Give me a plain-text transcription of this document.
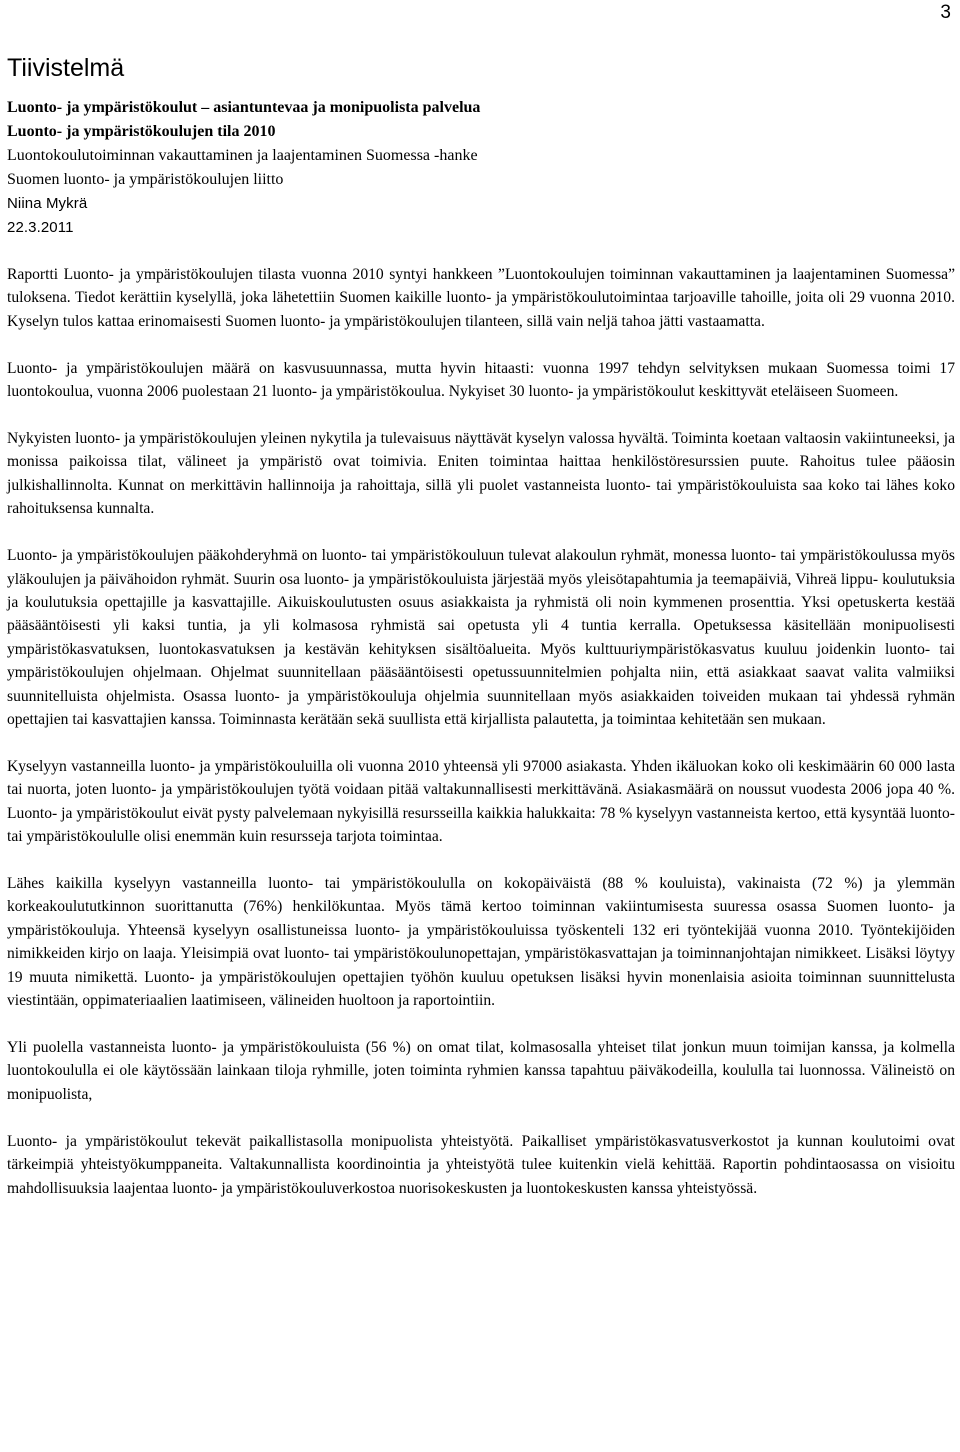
3
Tiivistelmä
Luonto- ja ympäristökoulut – asiantuntevaa ja monipuolista palvelua
Luonto- ja ympäristökoulujen tila 2010
Luontokoulutoiminnan vakauttaminen ja laajentaminen Suomessa -hanke
Suomen luonto- ja ympäristökoulujen liitto
Niina Mykrä
22.3.2011

Raportti Luonto- ja ympäristökoulujen tilasta vuonna 2010 syntyi hankkeen ”Luontokoulujen toiminnan vakauttaminen ja laajentaminen Suomessa” tuloksena. Tiedot kerättiin kyselyllä, joka lähetettiin Suomen kaikille luonto- ja ympäristökoulutoimintaa tarjoaville tahoille, joita oli 29 vuonna 2010. Kyselyn tulos kattaa erinomaisesti Suomen luonto- ja ympäristökoulujen tilanteen, sillä vain neljä tahoa jätti vastaamatta.

Luonto- ja ympäristökoulujen määrä on kasvusuunnassa, mutta hyvin hitaasti: vuonna 1997 tehdyn selvityksen mukaan Suomessa toimi 17 luontokoulua, vuonna 2006 puolestaan 21 luonto- ja ympäristökoulua. Nykyiset 30 luonto- ja ympäristökoulut keskittyvät eteläiseen Suomeen.

Nykyisten luonto- ja ympäristökoulujen yleinen nykytila ja tulevaisuus näyttävät kyselyn valossa hyvältä. Toiminta koetaan valtaosin vakiintuneeksi, ja monissa paikoissa tilat, välineet ja ympäristö ovat toimivia. Eniten toimintaa haittaa henkilöstöresurssien puute. Rahoitus tulee pääosin julkishallinnolta. Kunnat on merkittävin hallinnoija ja rahoittaja, sillä yli puolet vastanneista luonto- tai ympäristökouluista saa koko tai lähes koko rahoituksensa kunnalta.

Luonto- ja ympäristökoulujen pääkohderyhmä on luonto- tai ympäristökouluun tulevat alakoulun ryhmät, monessa luonto- tai ympäristökoulussa myös yläkoulujen ja päivähoidon ryhmät. Suurin osa luonto- ja ympäristökouluista järjestää myös yleisötapahtumia ja teemapäiviä, Vihreä lippu- koulutuksia ja koulutuksia opettajille ja kasvattajille. Aikuiskoulutusten osuus asiakkaista ja ryhmistä oli noin kymmenen prosenttia. Yksi opetuskerta kestää pääsääntöisesti yli kaksi tuntia, ja yli kolmasosa ryhmistä sai opetusta yli 4 tuntia kerralla. Opetuksessa käsitellään monipuolisesti ympäristökasvatuksen, luontokasvatuksen ja kestävän kehityksen sisältöalueita. Myös kulttuuriympäristökasvatus kuuluu joidenkin luonto- tai ympäristökoulujen ohjelmaan. Ohjelmat suunnitellaan pääsääntöisesti opetussuunnitelmien pohjalta niin, että asiakkaat saavat valita valmiiksi suunnitelluista ohjelmista. Osassa luonto- ja ympäristökouluja ohjelmia suunnitellaan myös asiakkaiden toiveiden mukaan tai yhdessä ryhmän opettajien tai kasvattajien kanssa. Toiminnasta kerätään sekä suullista että kirjallista palautetta, ja toimintaa kehitetään sen mukaan.

Kyselyyn vastanneilla luonto- ja ympäristökouluilla oli vuonna 2010 yhteensä yli 97000 asiakasta. Yhden ikäluokan koko oli keskimäärin 60 000 lasta tai nuorta, joten luonto- ja ympäristökoulujen työtä voidaan pitää valtakunnallisesti merkittävänä. Asiakasmäärä on noussut vuodesta 2006 jopa 40 %. Luonto- ja ympäristökoulut eivät pysty palvelemaan nykyisillä resursseilla kaikkia halukkaita: 78 % kyselyyn vastanneista kertoo, että kysyntää luonto- tai ympäristökoululle olisi enemmän kuin resursseja tarjota toimintaa.

Lähes kaikilla kyselyyn vastanneilla luonto- tai ympäristökoululla on kokopäiväistä (88 % kouluista), vakinaista (72 %) ja ylemmän korkeakoulututkinnon suorittanutta (76%) henkilökuntaa. Myös tämä kertoo toiminnan vakiintumisesta suuressa osassa Suomen luonto- ja ympäristökouluja. Yhteensä kyselyyn osallistuneissa luonto- ja ympäristökouluissa työskenteli 132 eri työntekijää vuonna 2010. Työntekijöiden nimikkeiden kirjo on laaja. Yleisimpiä ovat luonto- tai ympäristökoulunopettajan, ympäristökasvattajan ja toiminnanjohtajan nimikkeet. Lisäksi löytyy 19 muuta nimikettä. Luonto- ja ympäristökoulujen opettajien työhön kuuluu opetuksen lisäksi hyvin monenlaisia asioita toiminnan suunnittelusta viestintään, oppimateriaalien laatimiseen, välineiden huoltoon ja raportointiin.

Yli puolella vastanneista luonto- ja ympäristökouluista (56 %) on omat tilat, kolmasosalla yhteiset tilat jonkun muun toimijan kanssa, ja kolmella luontokoululla ei ole käytössään lainkaan tiloja ryhmille, joten toiminta ryhmien kanssa tapahtuu päiväkodeilla, koululla tai luonnossa. Välineistö on monipuolista,

Luonto- ja ympäristökoulut tekevät paikallistasolla monipuolista yhteistyötä. Paikalliset ympäristökasvatusverkostot ja kunnan koulutoimi ovat tärkeimpiä yhteistyökumppaneita. Valtakunnallista koordinointia ja yhteistyötä tulee kuitenkin vielä kehittää. Raportin pohdintaosassa on visioitu mahdollisuuksia laajentaa luonto- ja ympäristökouluverkostoa nuorisokeskusten ja luontokeskusten kanssa yhteistyössä.
